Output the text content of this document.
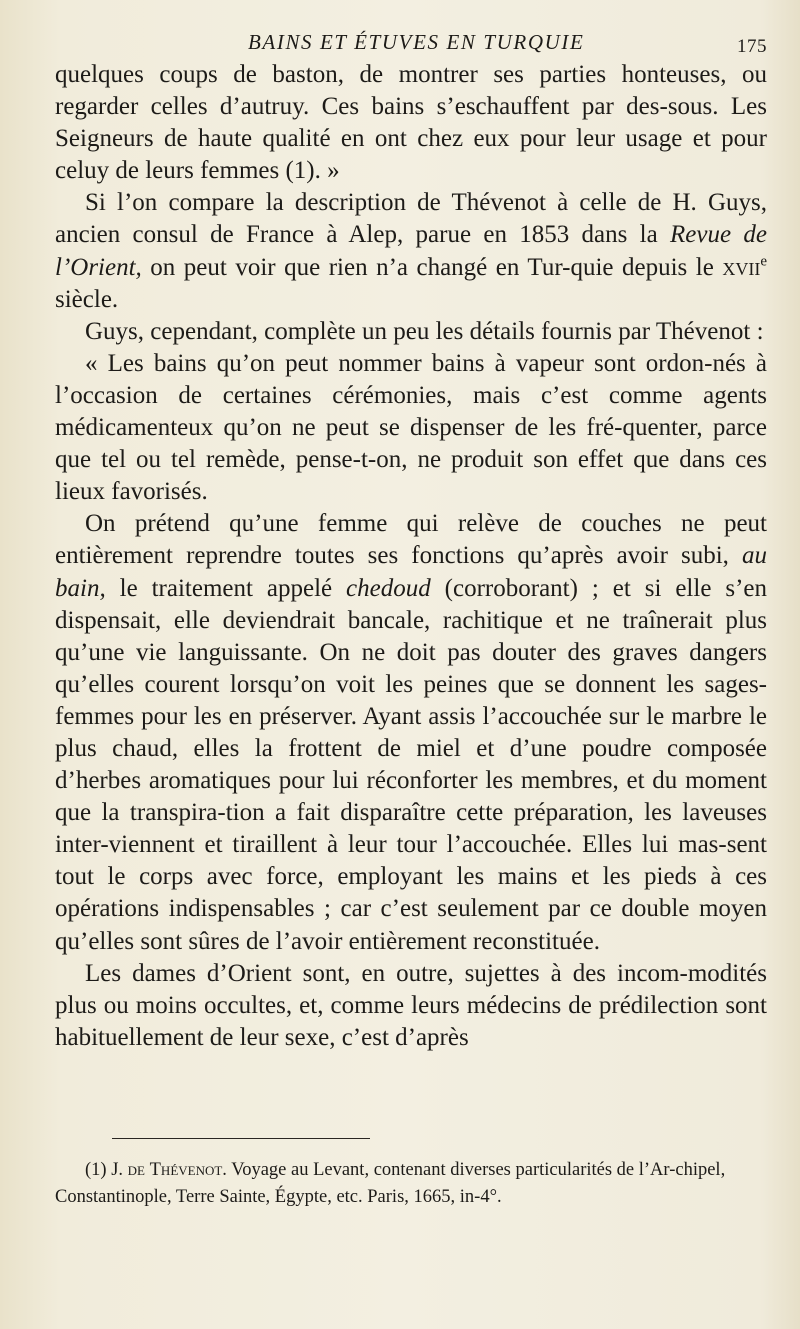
BAINS ET ÉTUVES EN TURQUIE	175

quelques coups de baston, de montrer ses parties honteuses, ou regarder celles d’autruy. Ces bains s’eschauffent par des-sous. Les Seigneurs de haute qualité en ont chez eux pour leur usage et pour celuy de leurs femmes (1). »

Si l’on compare la description de Thévenot à celle de H. Guys, ancien consul de France à Alep, parue en 1853 dans la Revue de l’Orient, on peut voir que rien n’a changé en Tur-quie depuis le xvii$^e$ siècle.

Guys, cependant, complète un peu les détails fournis par Thévenot :

« Les bains qu’on peut nommer bains à vapeur sont ordon-nés à l’occasion de certaines cérémonies, mais c’est comme agents médicamenteux qu’on ne peut se dispenser de les fré-quenter, parce que tel ou tel remède, pense-t-on, ne produit son effet que dans ces lieux favorisés.

On prétend qu’une femme qui relève de couches ne peut entièrement reprendre toutes ses fonctions qu’après avoir subi, au bain, le traitement appelé chedoud (corroborant) ; et si elle s’en dispensait, elle deviendrait bancale, rachitique et ne traînerait plus qu’une vie languissante. On ne doit pas douter des graves dangers qu’elles courent lorsqu’on voit les peines que se donnent les sages-femmes pour les en préserver. Ayant assis l’accouchée sur le marbre le plus chaud, elles la frottent de miel et d’une poudre composée d’herbes aromatiques pour lui réconforter les membres, et du moment que la transpira-tion a fait disparaître cette préparation, les laveuses inter-viennent et tiraillent à leur tour l’accouchée. Elles lui mas-sent tout le corps avec force, employant les mains et les pieds à ces opérations indispensables ; car c’est seulement par ce double moyen qu’elles sont sûres de l’avoir entièrement reconstituée.

Les dames d’Orient sont, en outre, sujettes à des incom-modités plus ou moins occultes, et, comme leurs médecins de prédilection sont habituellement de leur sexe, c’est d’après

(1) J. de Thévenot. Voyage au Levant, contenant diverses particularités de l’Ar-chipel, Constantinople, Terre Sainte, Égypte, etc. Paris, 1665, in-4°.
